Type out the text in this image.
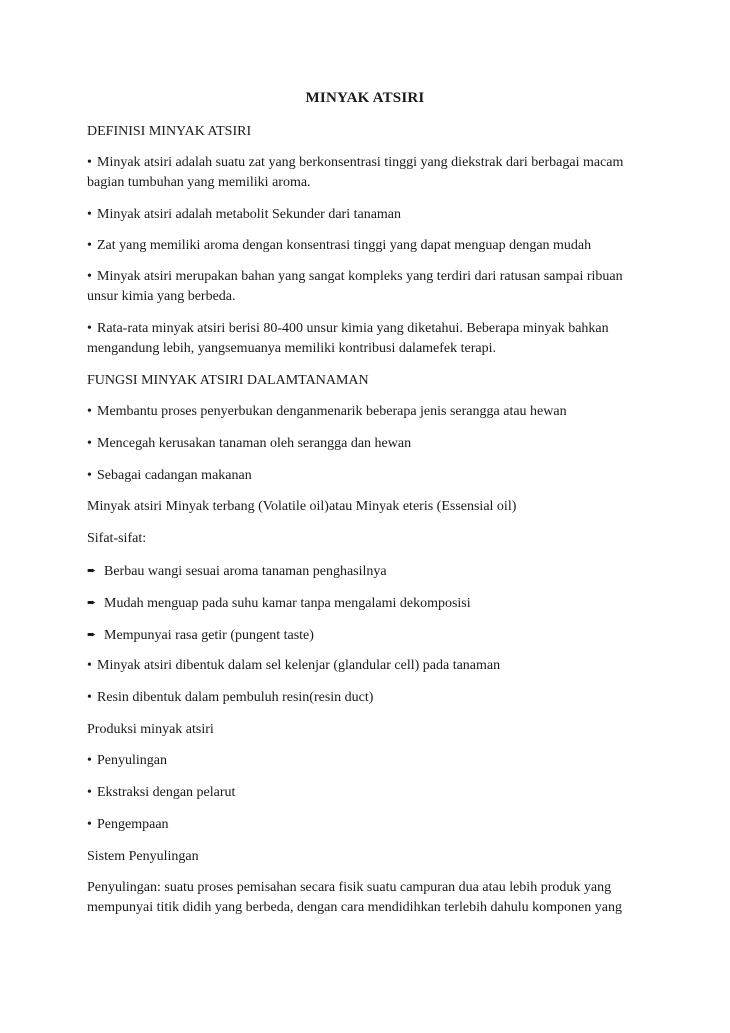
MINYAK ATSIRI
DEFINISI MINYAK ATSIRI
• Minyak atsiri adalah suatu zat yang berkonsentrasi tinggi yang diekstrak dari berbagai macam bagian tumbuhan yang memiliki aroma.
• Minyak atsiri adalah metabolit Sekunder dari tanaman
• Zat yang memiliki aroma dengan konsentrasi tinggi yang dapat menguap dengan mudah
• Minyak atsiri merupakan bahan yang sangat kompleks yang terdiri dari ratusan sampai ribuan unsur kimia yang berbeda.
• Rata-rata minyak atsiri berisi 80-400 unsur kimia yang diketahui. Beberapa minyak bahkan mengandung lebih, yangsemuanya memiliki kontribusi dalamefek terapi.
FUNGSI MINYAK ATSIRI DALAMTANAMAN
• Membantu proses penyerbukan denganmenarik beberapa jenis serangga atau hewan
• Mencegah kerusakan tanaman oleh serangga dan hewan
• Sebagai cadangan makanan
Minyak atsiri Minyak terbang (Volatile oil)atau Minyak eteris (Essensial oil)
Sifat-sifat:
➨ Berbau wangi sesuai aroma tanaman penghasilnya
➨ Mudah menguap pada suhu kamar tanpa mengalami dekomposisi
➨ Mempunyai rasa getir (pungent taste)
• Minyak atsiri dibentuk dalam sel kelenjar (glandular cell) pada tanaman
• Resin dibentuk dalam pembuluh resin(resin duct)
Produksi minyak atsiri
• Penyulingan
• Ekstraksi dengan pelarut
• Pengempaan
Sistem Penyulingan
Penyulingan: suatu proses pemisahan secara fisik suatu campuran dua atau lebih produk yang mempunyai titik didih yang berbeda, dengan cara mendidihkan terlebih dahulu komponen yang
